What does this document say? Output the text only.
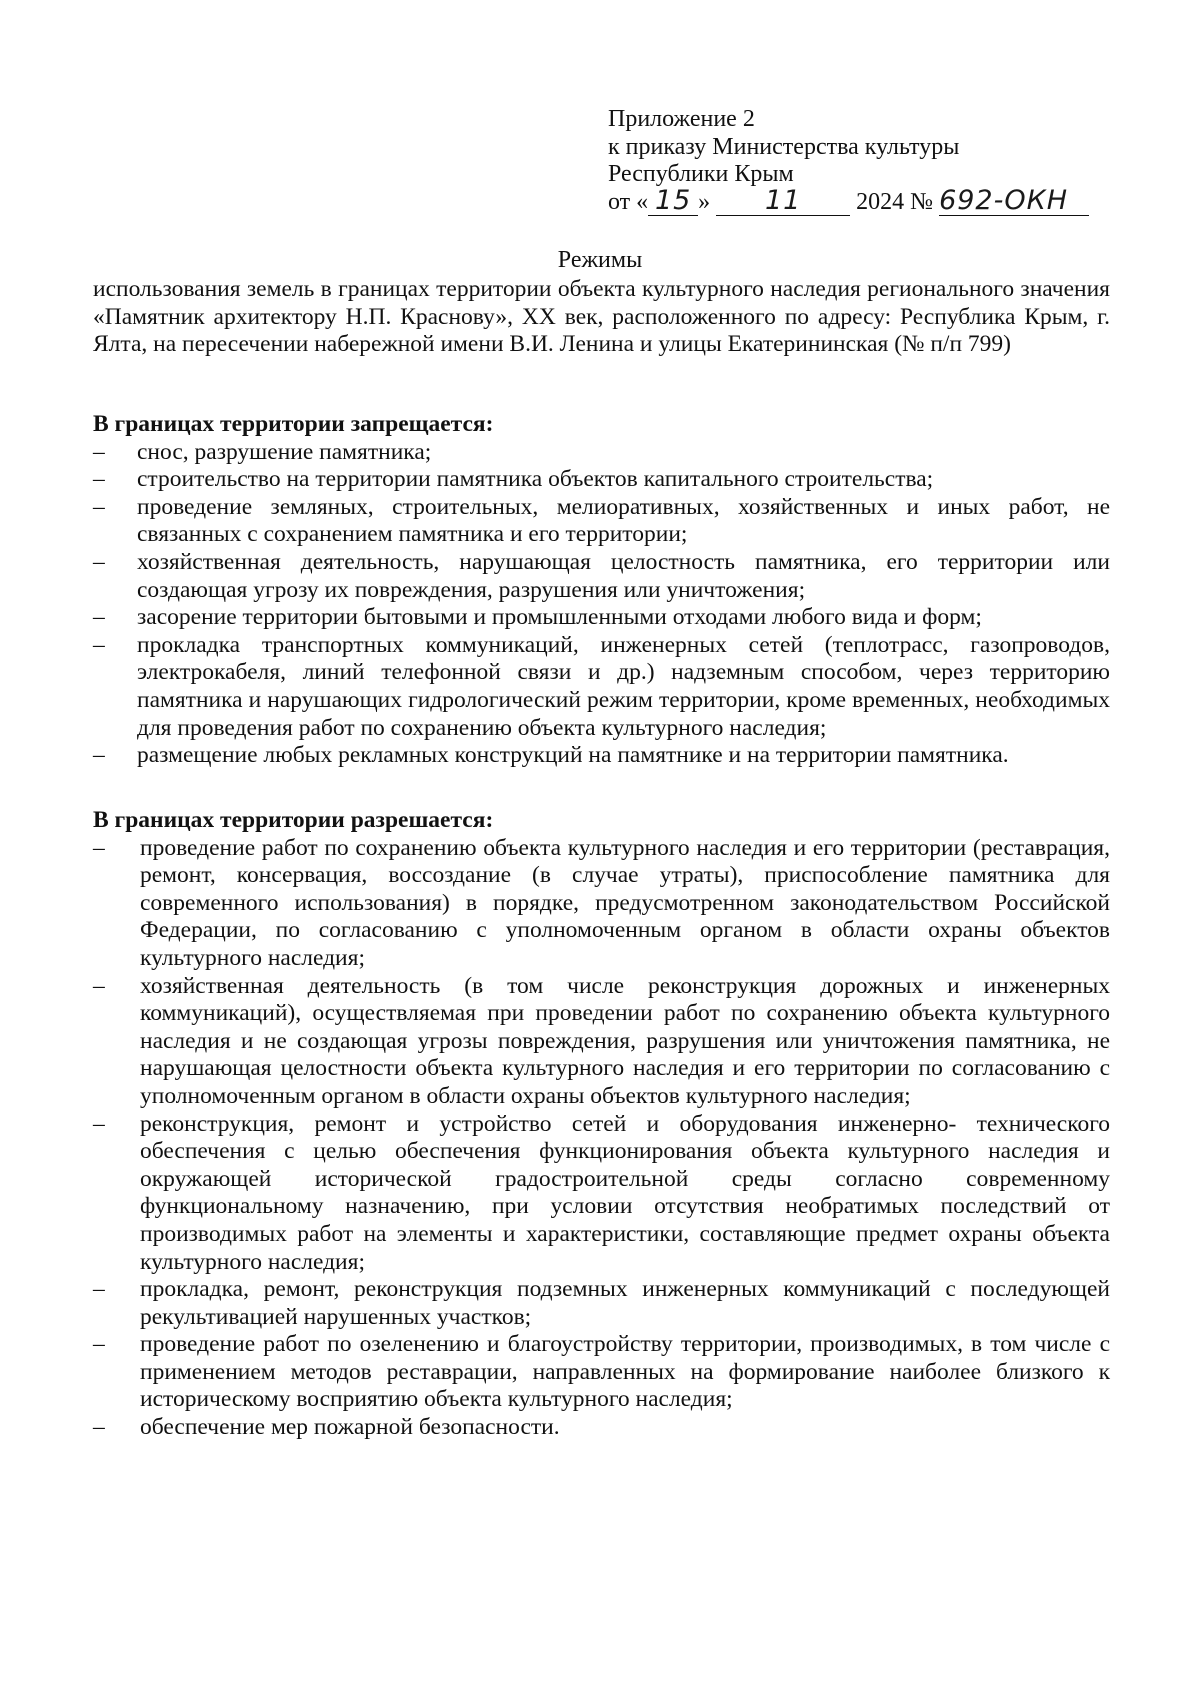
Приложение 2
к приказу Министерства культуры
Республики Крым
от « 15 » 11 2024 № 692-ОКН
Режимы
использования земель в границах территории объекта культурного наследия регионального значения «Памятник архитектору Н.П. Краснову», XX век, расположенного по адресу: Республика Крым, г. Ялта, на пересечении набережной имени В.И. Ленина и улицы Екатерининская (№ п/п 799)

В границах территории запрещается:

–	снос, разрушение памятника;
–	строительство на территории памятника объектов капитального строительства;
–	проведение земляных, строительных, мелиоративных, хозяйственных и иных работ, не связанных с сохранением памятника и его территории;
–	хозяйственная деятельность, нарушающая целостность памятника, его территории или создающая угрозу их повреждения, разрушения или уничтожения;
–	засорение территории бытовыми и промышленными отходами любого вида и форм;
–	прокладка транспортных коммуникаций, инженерных сетей (теплотрасс, газопроводов, электрокабеля, линий телефонной связи и др.) надземным способом, через территорию памятника и нарушающих гидрологический режим территории, кроме временных, необходимых для проведения работ по сохранению объекта культурного наследия;
–	размещение любых рекламных конструкций на памятнике и на территории памятника.

В границах территории разрешается:

–	проведение работ по сохранению объекта культурного наследия и его территории (реставрация, ремонт, консервация, воссоздание (в случае утраты), приспособление памятника для современного использования) в порядке, предусмотренном законодательством Российской Федерации, по согласованию с уполномоченным органом в области охраны объектов культурного наследия;
–	хозяйственная деятельность (в том числе реконструкция дорожных и инженерных коммуникаций), осуществляемая при проведении работ по сохранению объекта культурного наследия и не создающая угрозы повреждения, разрушения или уничтожения памятника, не нарушающая целостности объекта культурного наследия и его территории по согласованию с уполномоченным органом в области охраны объектов культурного наследия;
–	реконструкция, ремонт и устройство сетей и оборудования инженерно- технического обеспечения с целью обеспечения функционирования объекта культурного наследия и окружающей исторической градостроительной среды согласно современному функциональному назначению, при условии отсутствия необратимых последствий от производимых работ на элементы и характеристики, составляющие предмет охраны объекта культурного наследия;
–	прокладка, ремонт, реконструкция подземных инженерных коммуникаций с последующей рекультивацией нарушенных участков;
–	проведение работ по озеленению и благоустройству территории, производимых, в том числе с применением методов реставрации, направленных на формирование наиболее близкого к историческому восприятию объекта культурного наследия;
–	обеспечение мер пожарной безопасности.
